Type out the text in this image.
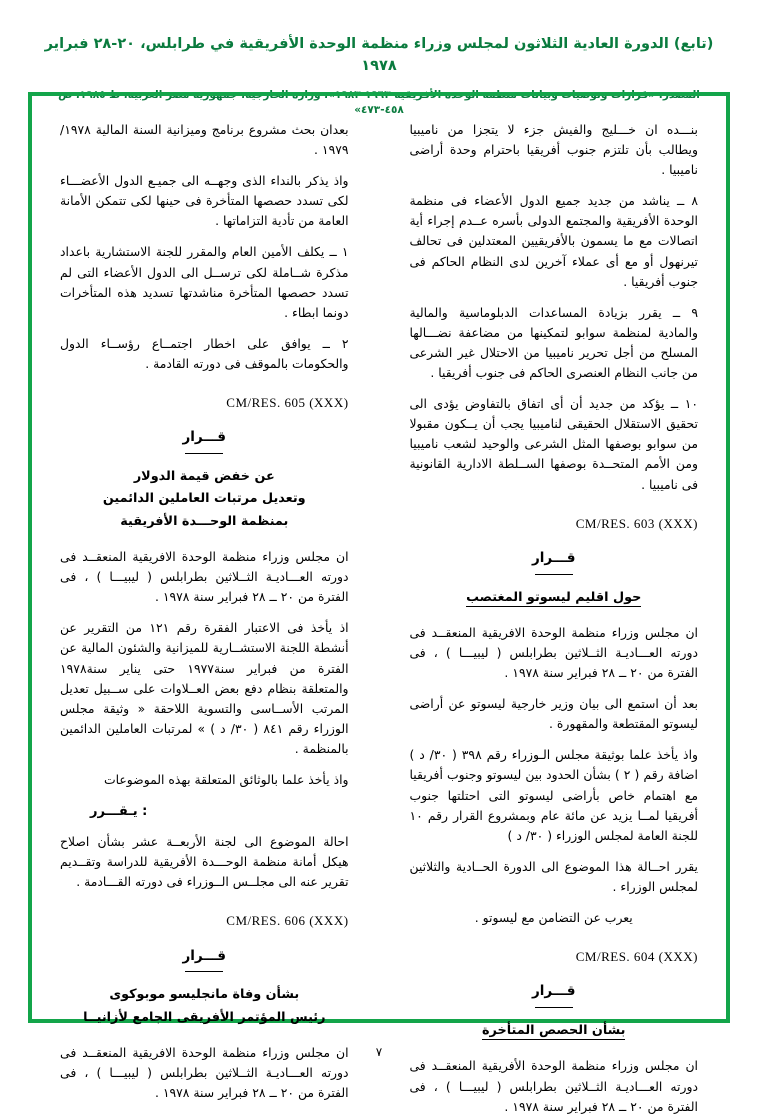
(تابع) الدورة العادية الثلاثون لمجلس وزراء منظمة الوحدة الأفريقية في طرابلس، ٢٠-٢٨ فبراير ١٩٧٨
المصدر: «قرارات وتوصيات وبيانات منظمة الوحدة الأفريقية ١٩٦٣-١٩٨٣»، وزارة الخارجية، جمهورية مصر العربية، ط ١٩٨٥، ص ٤٥٨-٤٧٣»

بنـــده ان خـــليج والفيش جزء لا يتجزا من ناميبيا ويطالب بأن تلتزم جنوب أفريقيا باحترام وحدة أراضى ناميبيا .

٨ ــ يناشد من جديد جميع الدول الأعضاء فى منظمة الوحدة الأفريقية والمجتمع الدولى بأسره عــدم إجراء أية اتصالات مع ما يسمون بالأفريقيين المعتدلين فى تحالف تيرنهول أو مع أى عملاء آخرين لدى النظام الحاكم فى جنوب أفريقيا .

٩ ــ يقرر بزيادة المساعدات الدبلوماسية والمالية والمادية لمنظمة سوابو لتمكينها من مضاعفة نضـــالها المسلح من أجل تحرير ناميبيا من الاحتلال غير الشرعى من جانب النظام العنصرى الحاكم فى جنوب أفريقيا .

١٠ ــ يؤكد من جديد أن أى اتفاق بالتفاوض يؤدى الى تحقيق الاستقلال الحقيقى لناميبيا يجب أن يــكون مقبولا من سوابو بوصفها المثل الشرعى والوحيد لشعب ناميبيا ومن الأمم المتحــدة بوصفها الســلطة الادارية القانونية فى ناميبيا .

CM/RES. 603 (XXX)
قـــرار
حول اقليم ليسوتو المغتصب

ان مجلس وزراء منظمة الوحدة الافريقية المنعقــد فى دورته العـــاديـة الثــلاثين بطرابلس ( ليبيـــا ) ، فى الفترة من ٢٠ ــ ٢٨ فبراير سنة ١٩٧٨ .

بعد أن استمع الى بيان وزير خارجية ليسوتو عن أراضى ليسوتو المقتطعة والمقهورة .

واذ يأخذ علما بوثيقة مجلس الـوزراء رقم ٣٩٨ ( ٣٠/ د ) اضافة رقم ( ٢ ) بشأن الحدود بين ليسوتو وجنوب أفريقيا مع اهتمام خاص بأراضى ليسوتو التى احتلتها جنوب أفريقيا لمــا يزيد عن مائة عام وبمشروع القرار رقم ١٠ للجنة العامة لمجلس الوزراء ( ٣٠/ د )

يقرر احــالة هذا الموضوع الى الدورة الحــادية والثلاثين لمجلس الوزراء .

يعرب عن التضامن مع ليسوتو .

CM/RES. 604 (XXX)
قـــرار
بشأن الحصص المتأخرة

ان مجلس وزراء منظمة الوحدة الأفريقية المنعقــد فى دورته العـــاديـة الثــلاثين بطرابلس ( ليبيـــا ) ، فى الفترة من ٢٠ ــ ٢٨ فبراير سنة ١٩٧٨ .

بعدان بحث مشروع برنامج وميزانية السنة المالية ١٩٧٨/ ١٩٧٩ .

واذ يذكر بالنداء الذى وجهــه الى جميـع الدول الأعضـــاء لكى تسدد حصصها المتأخرة فى حينها لكى تتمكن الأمانة العامة من تأدية التزاماتها .

١ ــ يكلف الأمين العام والمقرر للجنة الاستشارية باعداد مذكرة شــاملة لكى ترســل الى الدول الأعضاء التى لم تسدد حصصها المتأخرة مناشدتها تسديد هذه المتأخرات دونما ابطاء .

٢ ــ يوافق على اخطار اجتمــاع رؤســاء الدول والحكومات بالموقف فى دورته القادمة .

CM/RES. 605 (XXX)
قـــرار
عن خفض قيمة الدولار
وتعديل مرتبات العاملين الدائمين
بمنظمة الوحـــدة الأفريقية

ان مجلس وزراء منظمة الوحدة الافريقية المنعقــد فى دورته العـــاديـة الثــلاثين بطرابلس ( ليبيـــا ) ، فى الفترة من ٢٠ ــ ٢٨ فبراير سنة ١٩٧٨ .

اذ يأخذ فى الاعتبار الفقرة رقم ١٢١ من التقرير عن أنشطة اللجنة الاستشــارية للميزانية والشئون المالية عن الفترة من فبراير سنة١٩٧٧ حتى يناير سنة١٩٧٨ والمتعلقة بنظام دفع بعض العــلاوات على ســبيل تعديل المرتب الأســاسى والتسوية اللاحقة « وثيقة مجلس الوزراء رقم ٨٤١ ( ٣٠/ د ) » لمرتبات العاملين الدائمين بالمنظمة .

واذ يأخذ علما بالوثائق المتعلقة بهذه الموضوعات

: يـقـــرر

احالة الموضوع الى لجنة الأربعــة عشر بشأن اصلاح هيكل أمانة منظمة الوحـــدة الأفريقية للدراسة وتقــديم تقرير عنه الى مجلــس الــوزراء فى دورته القـــادمة .

CM/RES. 606 (XXX)
قـــرار
بشأن وفاة مانجليسو موبوكوى
رئيس المؤتمر الأفريقى الجامع لأزانيــا

ان مجلس وزراء منظمة الوحدة الافريقية المنعقــد فى دورته العـــاديـة الثــلاثين بطرابلس ( ليبيـــا ) ، فى الفترة من ٢٠ ــ ٢٨ فبراير سنة ١٩٧٨ .

٧
